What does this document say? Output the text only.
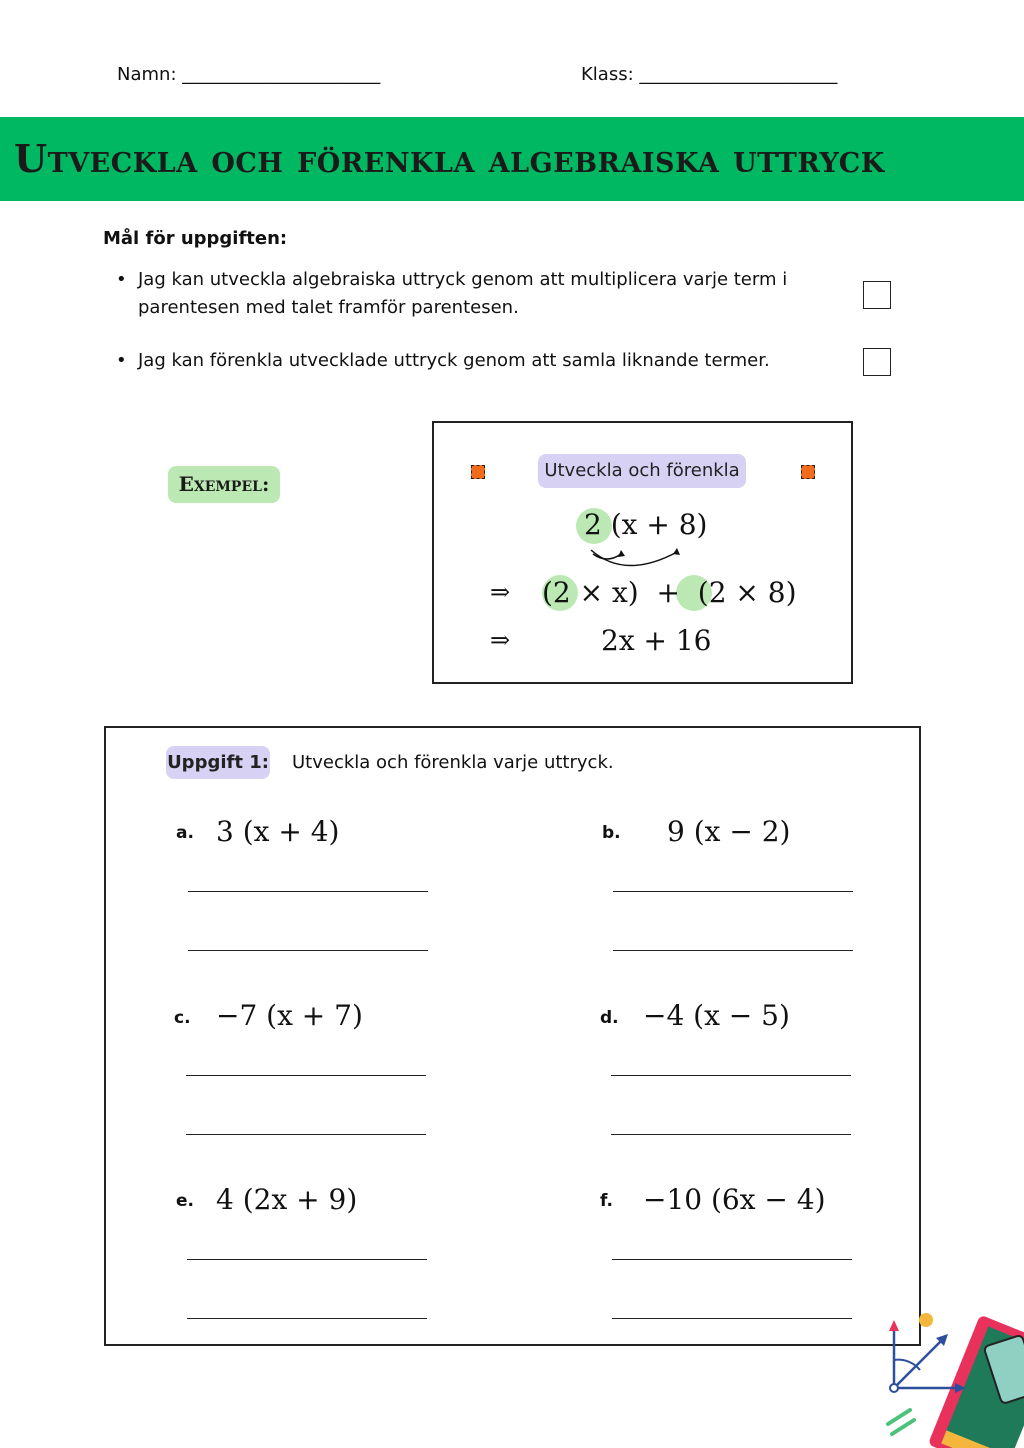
Namn: ______________________	Klass: ______________________
Utveckla och förenkla algebraiska uttryck
Mål för uppgiften:
• Jag kan utveckla algebraiska uttryck genom att multiplicera varje term i parentesen med talet framför parentesen.
• Jag kan förenkla utvecklade uttryck genom att samla liknande termer.
Exempel:
Utveckla och förenkla
2 (x + 8)
⇒ (2 × x)  +  (2 × 8)
⇒	2x + 16
Uppgift 1: Utveckla och förenkla varje uttryck.
a. 3 (x + 4)	b. 9 (x − 2)
c. −7 (x + 7)	d. −4 (x − 5)
e. 4 (2x + 9)	f. −10 (6x − 4)
